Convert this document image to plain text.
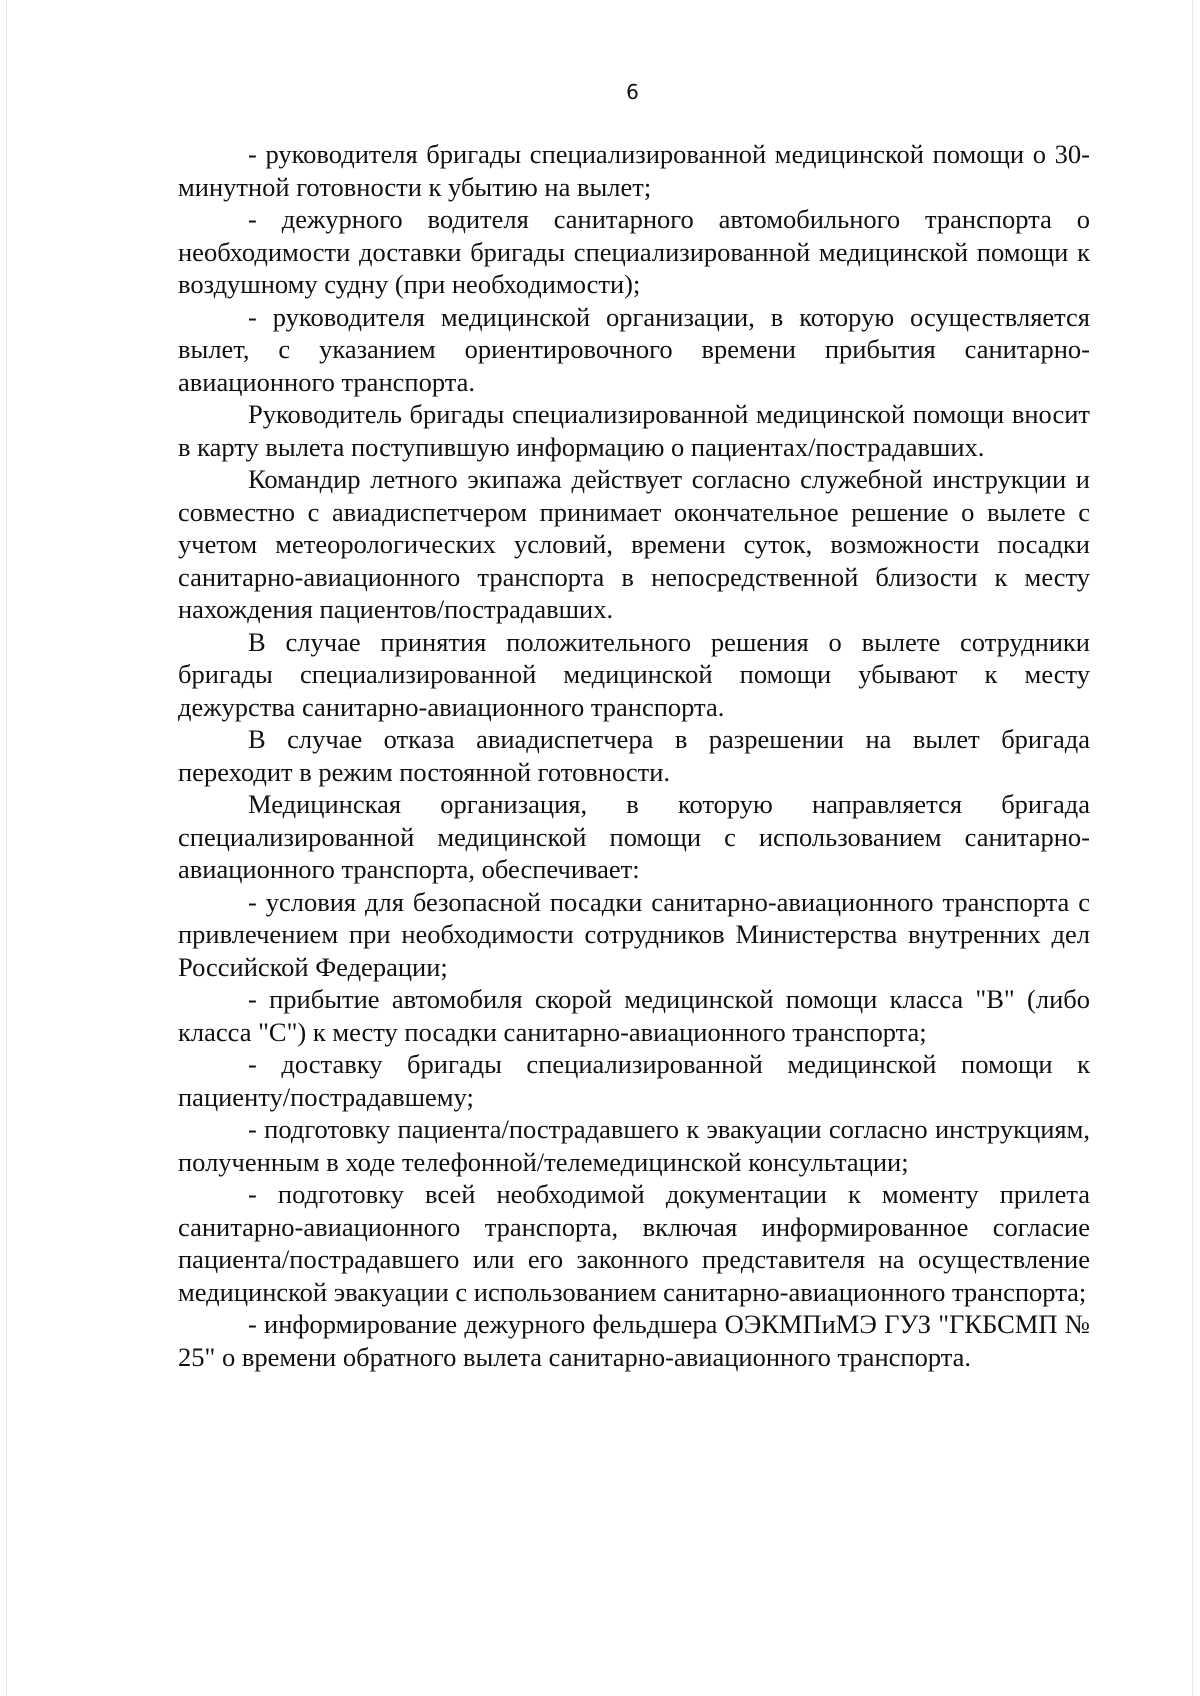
6

- руководителя бригады специализированной медицинской помощи о 30-минутной готовности к убытию на вылет;

- дежурного водителя санитарного автомобильного транспорта о необходимости доставки бригады специализированной медицинской помощи к воздушному судну (при необходимости);

- руководителя медицинской организации, в которую осуществляется вылет, с указанием ориентировочного времени прибытия санитарно-авиационного транспорта.

Руководитель бригады специализированной медицинской помощи вносит в карту вылета поступившую информацию о пациентах/пострадавших.

Командир летного экипажа действует согласно служебной инструкции и совместно с авиадиспетчером принимает окончательное решение о вылете с учетом метеорологических условий, времени суток, возможности посадки санитарно-авиационного транспорта в непосредственной близости к месту нахождения пациентов/пострадавших.

В случае принятия положительного решения о вылете сотрудники бригады специализированной медицинской помощи убывают к месту дежурства санитарно-авиационного транспорта.

В случае отказа авиадиспетчера в разрешении на вылет бригада переходит в режим постоянной готовности.

Медицинская организация, в которую направляется бригада специализированной медицинской помощи с использованием санитарно-авиационного транспорта, обеспечивает:

- условия для безопасной посадки санитарно-авиационного транспорта с привлечением при необходимости сотрудников Министерства внутренних дел Российской Федерации;

- прибытие автомобиля скорой медицинской помощи класса "В" (либо класса "С") к месту посадки санитарно-авиационного транспорта;

- доставку бригады специализированной медицинской помощи к пациенту/пострадавшему;

- подготовку пациента/пострадавшего к эвакуации согласно инструкциям, полученным в ходе телефонной/телемедицинской консультации;

- подготовку всей необходимой документации к моменту прилета санитарно-авиационного транспорта, включая информированное согласие пациента/пострадавшего или его законного представителя на осуществление медицинской эвакуации с использованием санитарно-авиационного транспорта;

- информирование дежурного фельдшера ОЭКМПиМЭ ГУЗ "ГКБСМП № 25" о времени обратного вылета санитарно-авиационного транспорта.
